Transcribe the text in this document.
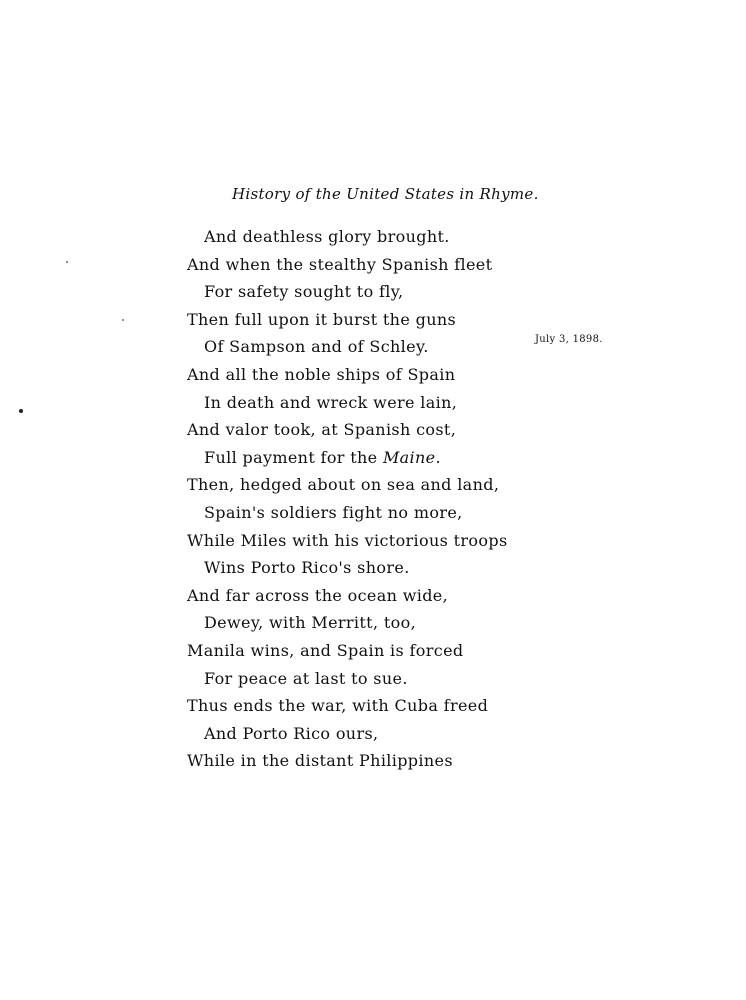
History of the United States in Rhyme.
And deathless glory brought.
And when the stealthy Spanish fleet
For safety sought to fly,
Then full upon it burst the guns
Of Sampson and of Schley.
And all the noble ships of Spain
In death and wreck were lain,
And valor took, at Spanish cost,
Full payment for the Maine.
Then, hedged about on sea and land,
Spain's soldiers fight no more,
While Miles with his victorious troops
Wins Porto Rico's shore.
And far across the ocean wide,
Dewey, with Merritt, too,
Manila wins, and Spain is forced
For peace at last to sue.
Thus ends the war, with Cuba freed
And Porto Rico ours,
While in the distant Philippines
July 3, 1898.
